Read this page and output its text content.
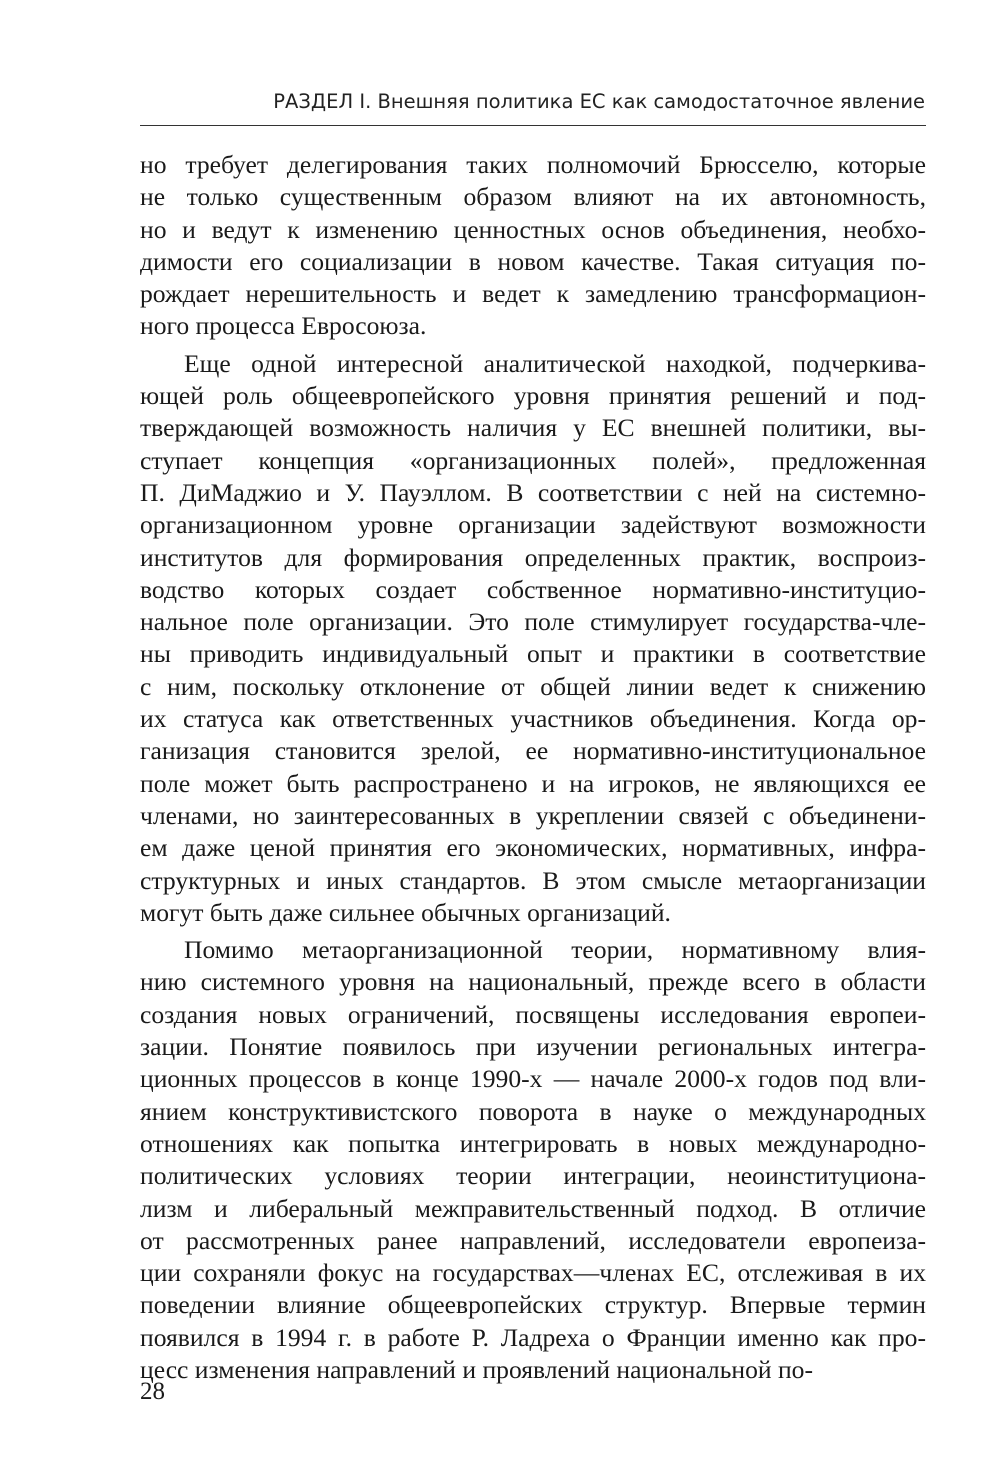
РАЗДЕЛ I. Внешняя политика ЕС как самодостаточное явление
но требует делегирования таких полномочий Брюсселю, которые
не только существенным образом влияют на их автономность,
но и ведут к изменению ценностных основ объединения, необхо-
димости его социализации в новом качестве. Такая ситуация по-
рождает нерешительность и ведет к замедлению трансформацион-
ного процесса Евросоюза.
Еще одной интересной аналитической находкой, подчеркива-
ющей роль общеевропейского уровня принятия решений и под-
тверждающей возможность наличия у ЕС внешней политики, вы-
ступает концепция «организационных полей», предложенная
П. ДиМаджио и У. Пауэллом. В соответствии с ней на системно-
организационном уровне организации задействуют возможности
институтов для формирования определенных практик, воспроиз-
водство которых создает собственное нормативно-институцио-
нальное поле организации. Это поле стимулирует государства-чле-
ны приводить индивидуальный опыт и практики в соответствие
с ним, поскольку отклонение от общей линии ведет к снижению
их статуса как ответственных участников объединения. Когда ор-
ганизация становится зрелой, ее нормативно-институциональное
поле может быть распространено и на игроков, не являющихся ее
членами, но заинтересованных в укреплении связей с объединени-
ем даже ценой принятия его экономических, нормативных, инфра-
структурных и иных стандартов. В этом смысле метаорганизации
могут быть даже сильнее обычных организаций.
Помимо метаорганизационной теории, нормативному влия-
нию системного уровня на национальный, прежде всего в области
создания новых ограничений, посвящены исследования европеи-
зации. Понятие появилось при изучении региональных интегра-
ционных процессов в конце 1990-х — начале 2000-х годов под вли-
янием конструктивистского поворота в науке о международных
отношениях как попытка интегрировать в новых международно-
политических условиях теории интеграции, неоинституциона-
лизм и либеральный межправительственный подход. В отличие
от рассмотренных ранее направлений, исследователи европеиза-
ции сохраняли фокус на государствах—членах ЕС, отслеживая в их
поведении влияние общеевропейских структур. Впервые термин
появился в 1994 г. в работе Р. Ладреха о Франции именно как про-
цесс изменения направлений и проявлений национальной по-
28
